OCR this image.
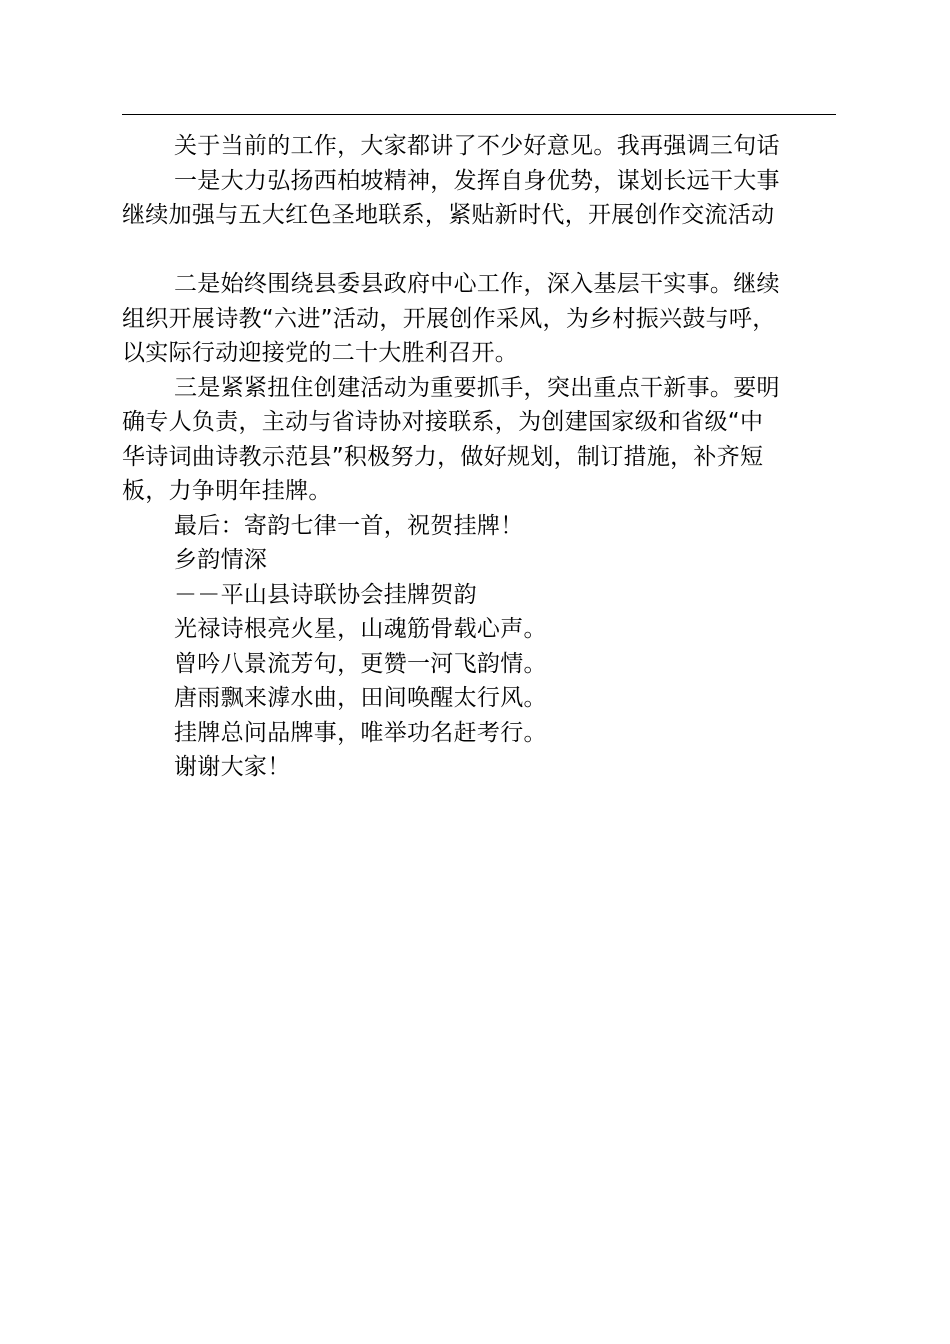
关于当前的工作，大家都讲了不少好意见。我再强调三句话
一是大力弘扬西柏坡精神，发挥自身优势，谋划长远干大事
继续加强与五大红色圣地联系，紧贴新时代，开展创作交流活动
二是始终围绕县委县政府中心工作，深入基层干实事。继续
组织开展诗教“六进”活动，开展创作采风，为乡村振兴鼓与呼，
以实际行动迎接党的二十大胜利召开。
三是紧紧扭住创建活动为重要抓手，突出重点干新事。要明
确专人负责，主动与省诗协对接联系，为创建国家级和省级“中
华诗词曲诗教示范县”积极努力，做好规划，制订措施，补齐短
板，力争明年挂牌。
最后：寄韵七律一首，祝贺挂牌！
乡韵情深
－－平山县诗联协会挂牌贺韵
光禄诗根亮火星，山魂筋骨载心声。
曾吟八景流芳句，更赞一河飞韵情。
唐雨飘来滹水曲，田间唤醒太行风。
挂牌总问品牌事，唯举功名赶考行。
谢谢大家！
